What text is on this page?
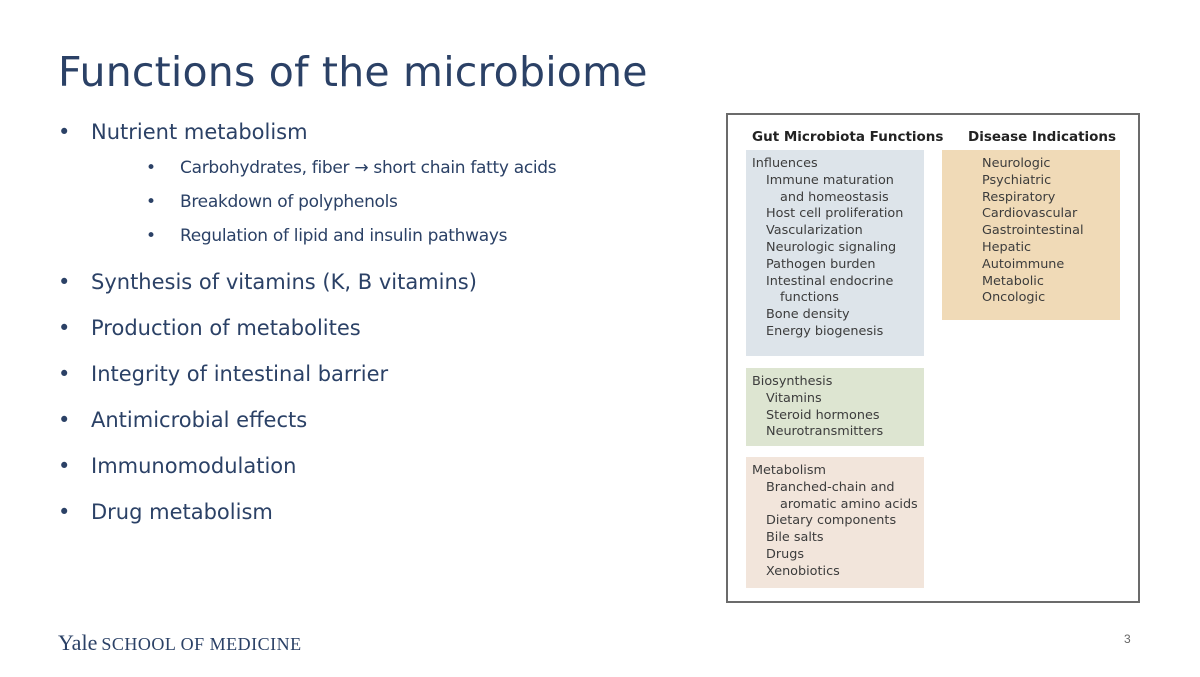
Functions of the microbiome
• Nutrient metabolism
• Carbohydrates, fiber → short chain fatty acids
• Breakdown of polyphenols
• Regulation of lipid and insulin pathways
• Synthesis of vitamins (K, B vitamins)
• Production of metabolites
• Integrity of intestinal barrier
• Antimicrobial effects
• Immunomodulation
• Drug metabolism
Gut Microbiota Functions Disease Indications
Influences
Immune maturation
and homeostasis
Host cell proliferation
Vascularization
Neurologic signaling
Pathogen burden
Intestinal endocrine
functions
Bone density
Energy biogenesis
Biosynthesis
Vitamins
Steroid hormones
Neurotransmitters
Metabolism
Branched-chain and
aromatic amino acids
Dietary components
Bile salts
Drugs
Xenobiotics
Neurologic
Psychiatric
Respiratory
Cardiovascular
Gastrointestinal
Hepatic
Autoimmune
Metabolic
Oncologic
Yale SCHOOL OF MEDICINE	3
